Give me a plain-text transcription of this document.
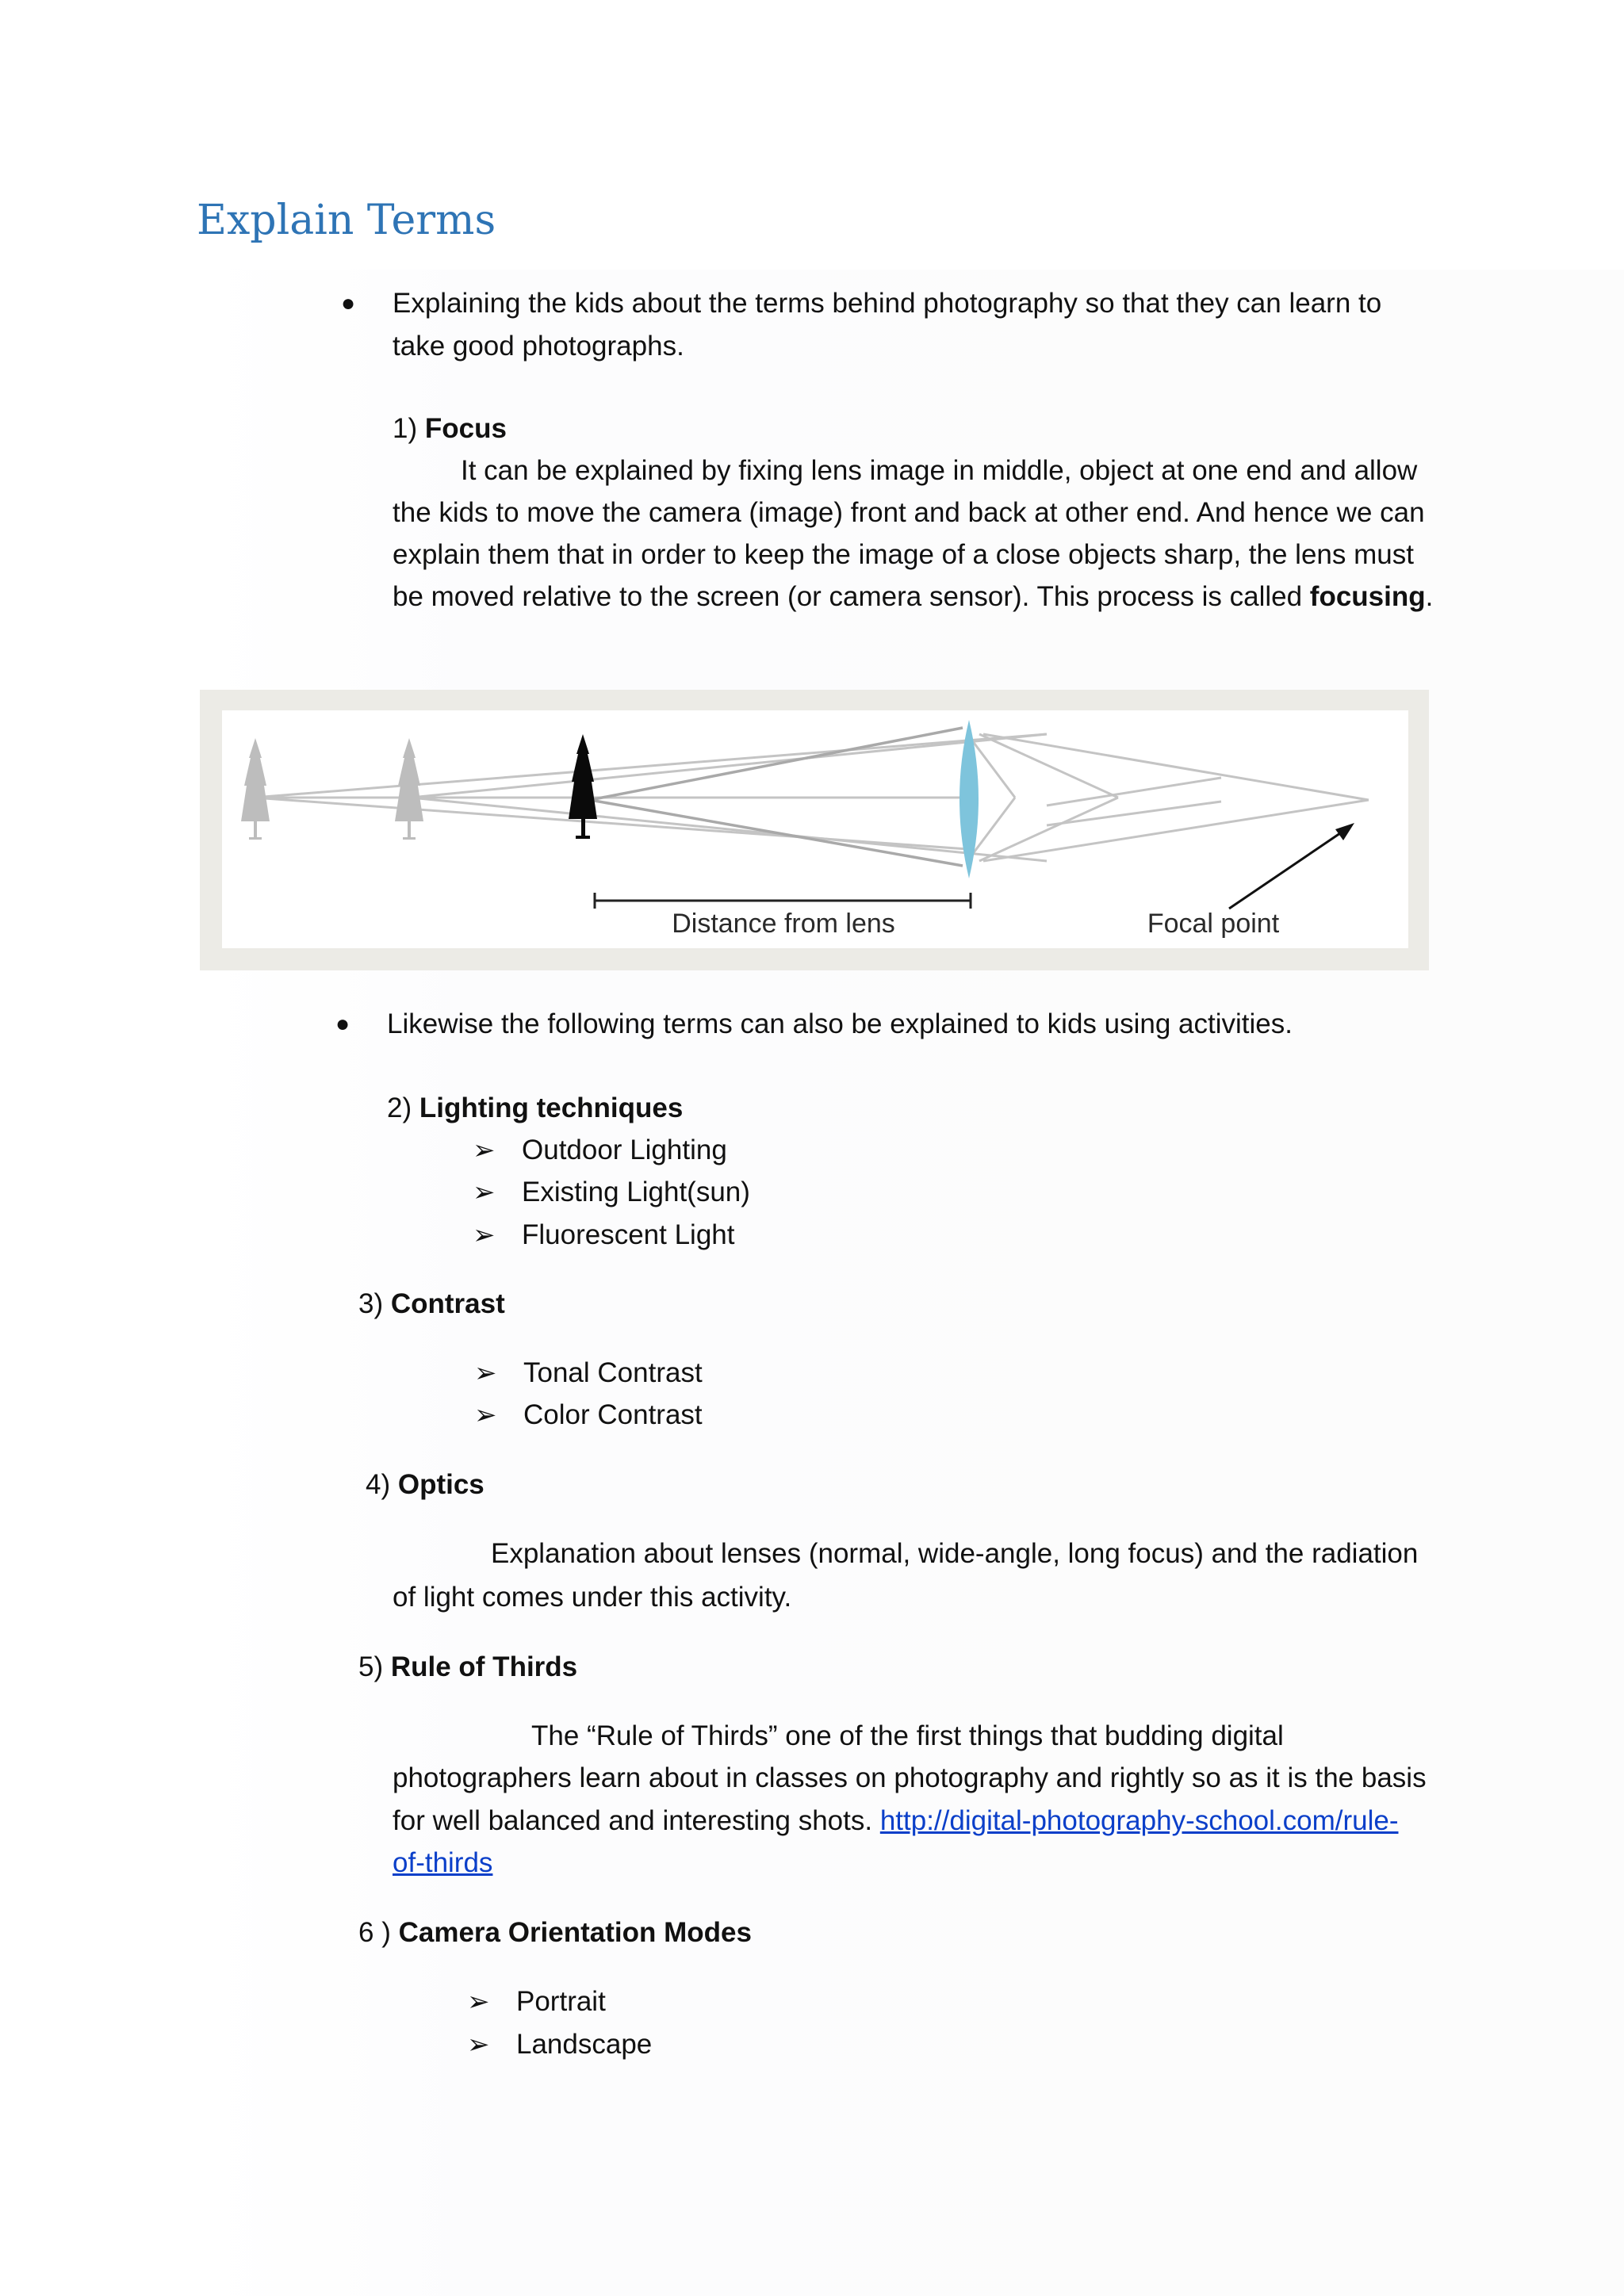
Explain Terms
● Explaining the kids about the terms behind photography so that they can learn to
take good photographs.
1) Focus
It can be explained by fixing lens image in middle, object at one end and allow
the kids to move the camera (image) front and back at other end. And hence we can
explain them that in order to keep the image of a close objects sharp, the lens must
be moved relative to the screen (or camera sensor). This process is called focusing.
Distance from lens	Focal point
● Likewise the following terms can also be explained to kids using activities.
2) Lighting techniques
➢ Outdoor Lighting
➢ Existing Light(sun)
➢ Fluorescent Light
3) Contrast
➢ Tonal Contrast
➢ Color Contrast
4) Optics
Explanation about lenses (normal, wide-angle, long focus) and the radiation
of light comes under this activity.
5) Rule of Thirds
The “Rule of Thirds” one of the first things that budding digital
photographers learn about in classes on photography and rightly so as it is the basis
for well balanced and interesting shots. http://digital-photography-school.com/rule-
of-thirds
6 ) Camera Orientation Modes
➢ Portrait
➢ Landscape
